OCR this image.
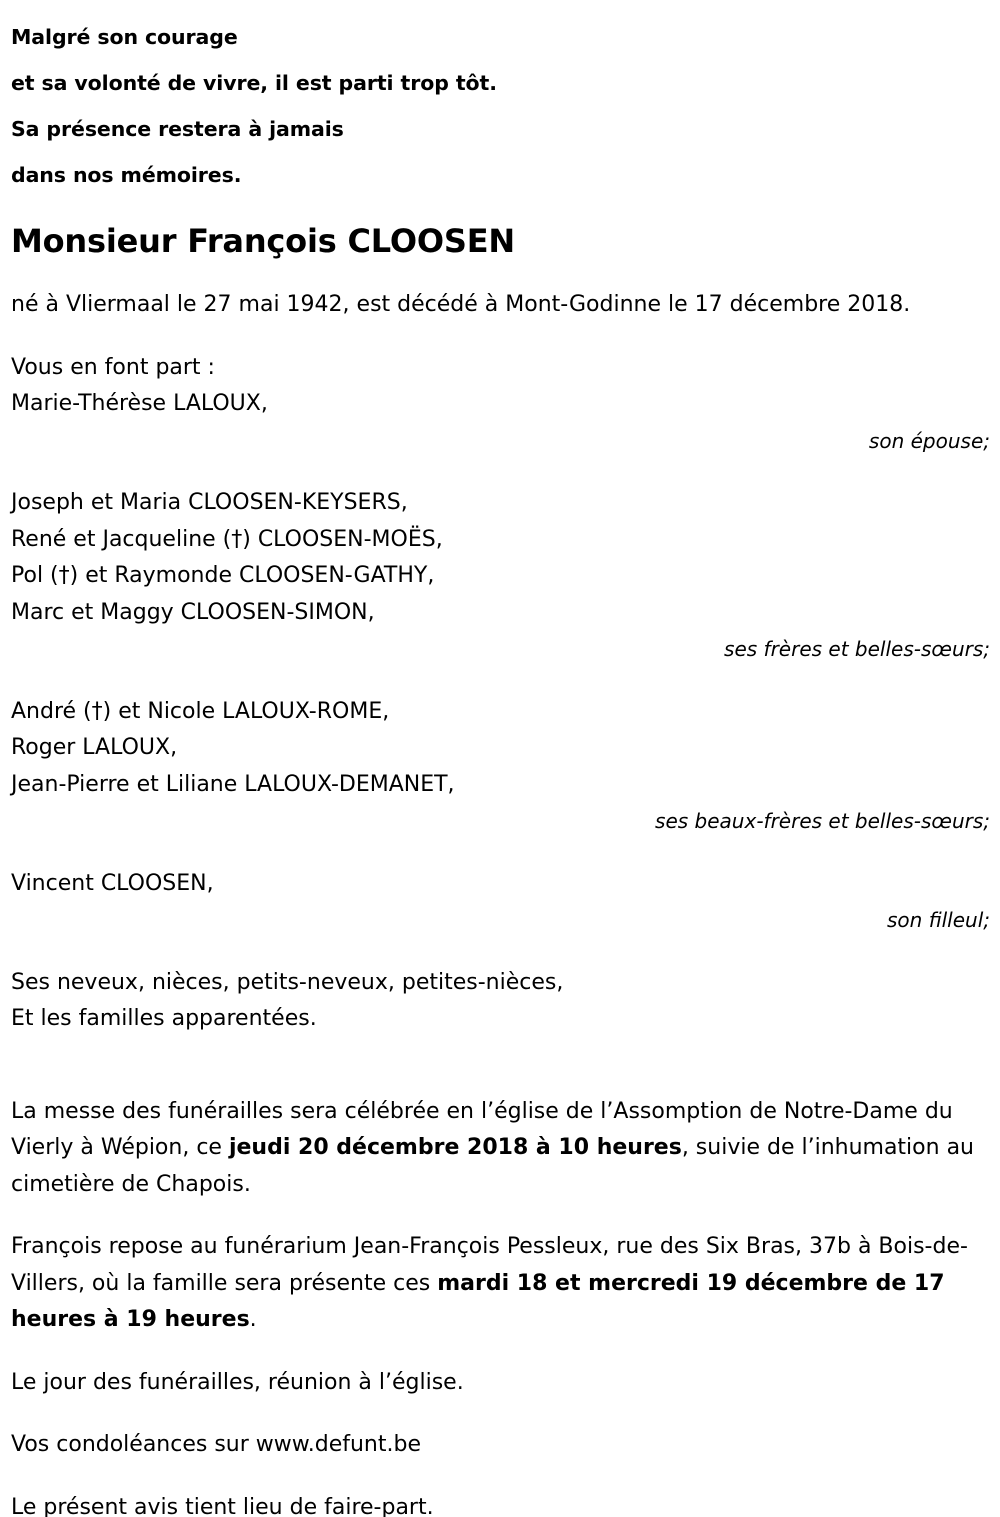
Malgré son courage
et sa volonté de vivre, il est parti trop tôt.
Sa présence restera à jamais
dans nos mémoires.
Monsieur François CLOOSEN
né à Vliermaal le 27 mai 1942, est décédé à Mont-Godinne le 17 décembre 2018.
Vous en font part :
Marie-Thérèse LALOUX,
son épouse;
Joseph et Maria CLOOSEN-KEYSERS,
René et Jacqueline (†) CLOOSEN-MOËS,
Pol (†) et Raymonde CLOOSEN-GATHY,
Marc et Maggy CLOOSEN-SIMON,
ses frères et belles-sœurs;
André (†) et Nicole LALOUX-ROME,
Roger LALOUX,
Jean-Pierre et Liliane LALOUX-DEMANET,
ses beaux-frères et belles-sœurs;
Vincent CLOOSEN,
son filleul;
Ses neveux, nièces, petits-neveux, petites-nièces,
Et les familles apparentées.
La messe des funérailles sera célébrée en l’église de l’Assomption de Notre-Dame du Vierly à Wépion, ce jeudi 20 décembre 2018 à 10 heures, suivie de l’inhumation au cimetière de Chapois.
François repose au funérarium Jean-François Pessleux, rue des Six Bras, 37b à Bois-de-Villers, où la famille sera présente ces mardi 18 et mercredi 19 décembre de 17 heures à 19 heures.
Le jour des funérailles, réunion à l’église.
Vos condoléances sur www.defunt.be
Le présent avis tient lieu de faire-part.
